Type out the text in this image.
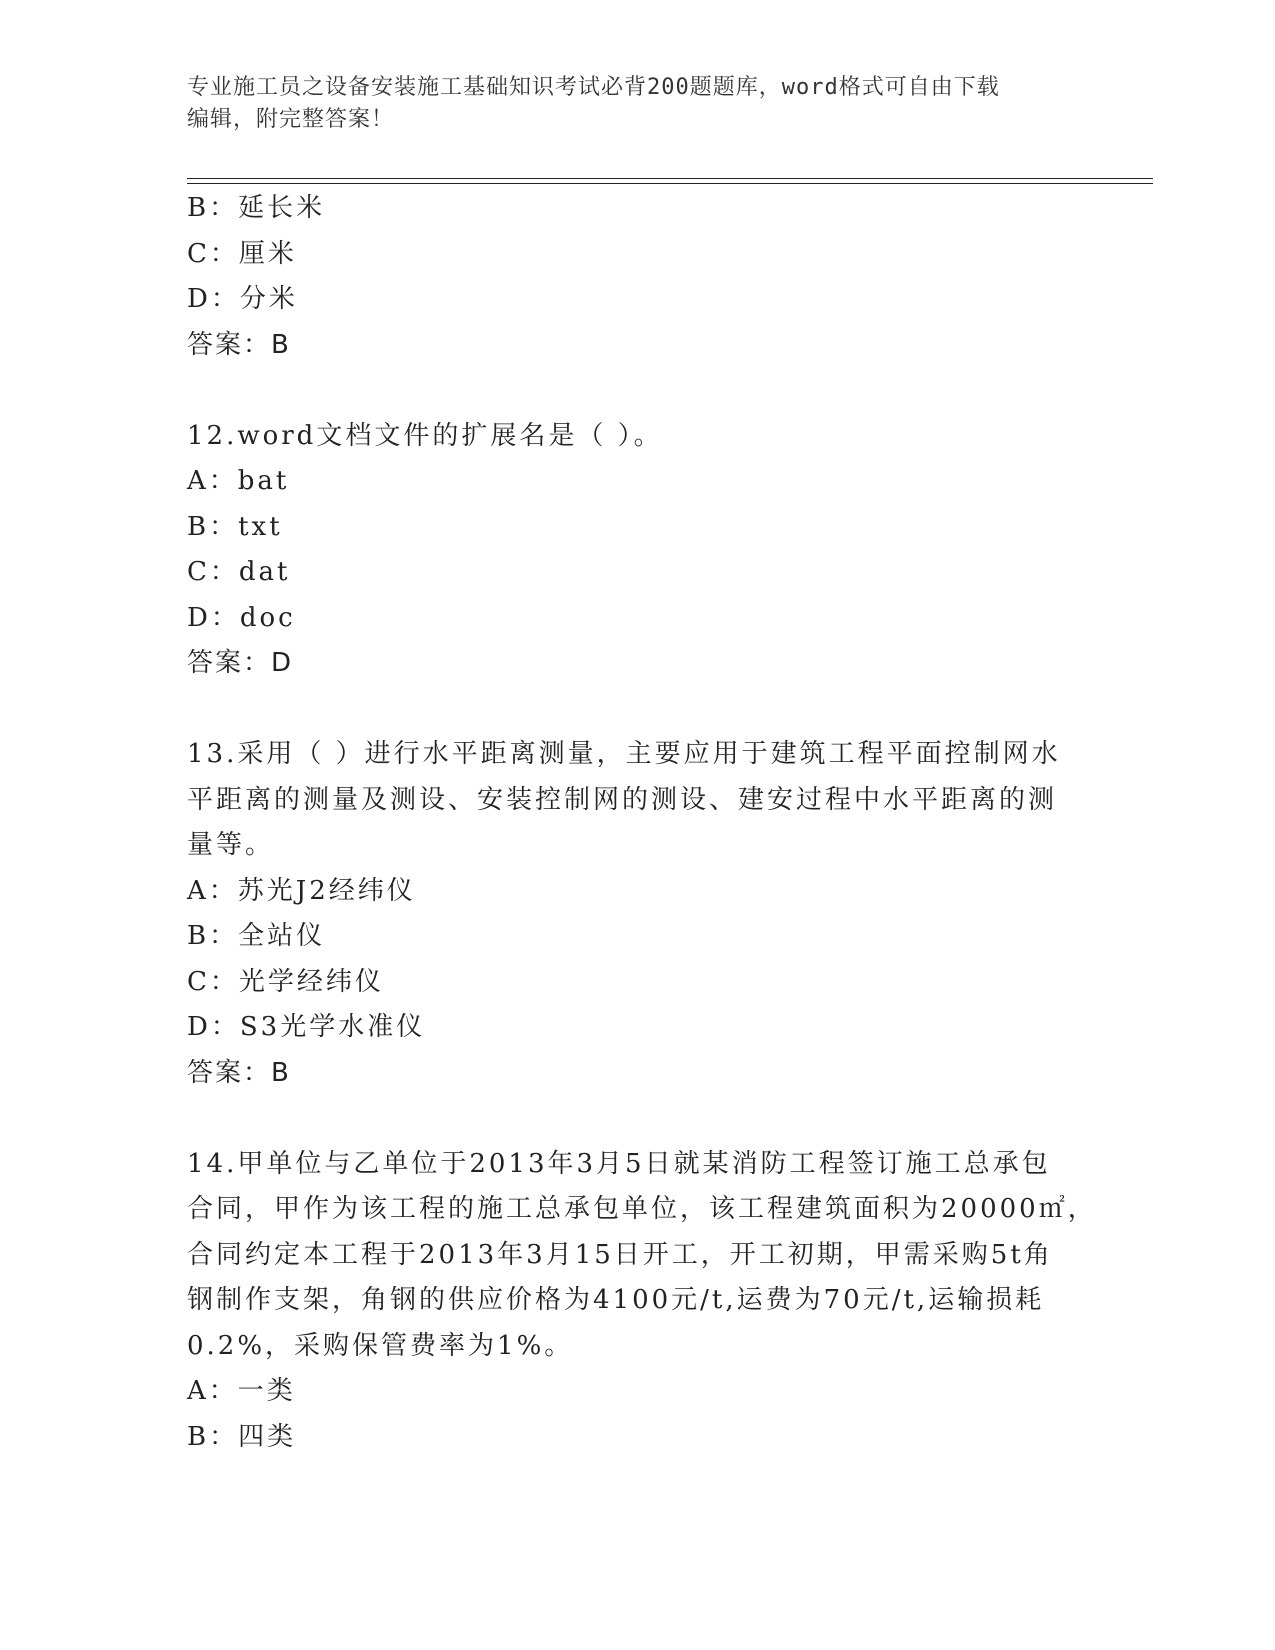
专业施工员之设备安装施工基础知识考试必背200题题库，word格式可自由下载
编辑，附完整答案！
B：延长米
C：厘米
D：分米
答案：B
12.word文档文件的扩展名是（ ）。
A：bat
B：txt
C：dat
D：doc
答案：D
13.采用（ ）进行水平距离测量，主要应用于建筑工程平面控制网水
平距离的测量及测设、安装控制网的测设、建安过程中水平距离的测
量等。
A：苏光J2经纬仪
B：全站仪
C：光学经纬仪
D：S3光学水准仪
答案：B
14.甲单位与乙单位于2013年3月5日就某消防工程签订施工总承包
合同，甲作为该工程的施工总承包单位，该工程建筑面积为20000㎡，
合同约定本工程于2013年3月15日开工，开工初期，甲需采购5t角
钢制作支架，角钢的供应价格为4100元/t,运费为70元/t,运输损耗
0.2%，采购保管费率为1%。
A：一类
B：四类
